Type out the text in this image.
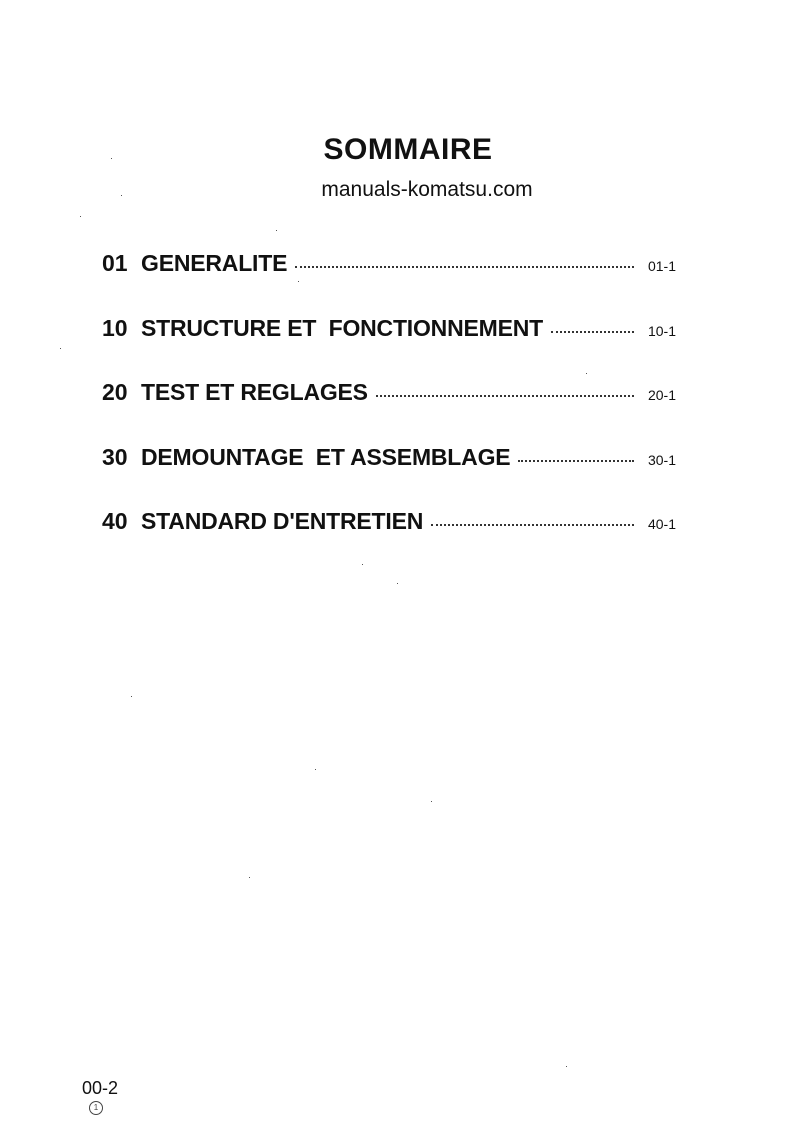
SOMMAIRE
manuals-komatsu.com
01 GENERALITE	01-1
10 STRUCTURE ET  FONCTIONNEMENT	10-1
20 TEST ET REGLAGES	20-1
30 DEMOUNTAGE  ET ASSEMBLAGE	30-1
40 STANDARD D'ENTRETIEN	40-1
00-2
1
